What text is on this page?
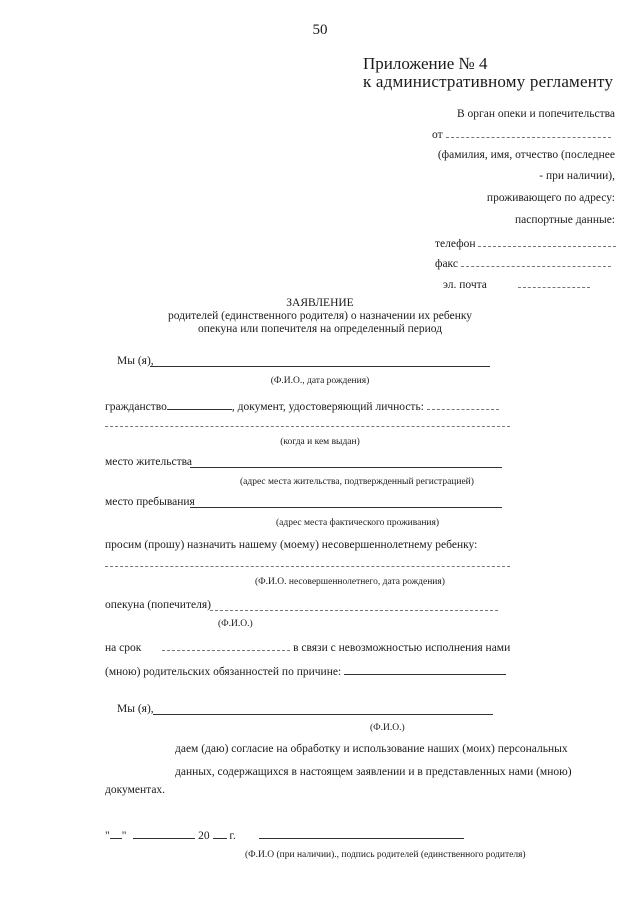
50
Приложение № 4
к административному регламенту
В орган опеки и попечительства
от
(фамилия, имя, отчество (последнее
- при наличии),
проживающего по адресу:
паспортные данные:
телефон
факс
эл. почта
ЗАЯВЛЕНИЕ
родителей (единственного родителя) о назначении их ребенку
опекуна или попечителя на определенный период
Мы (я),
(Ф.И.О., дата рождения)
гражданство	, документ, удостоверяющий личность:
(когда и кем выдан)
место жительства
(адрес места жительства, подтвержденный регистрацией)
место пребывания
(адрес места фактического проживания)
просим (прошу) назначить нашему (моему) несовершеннолетнему ребенку:
(Ф.И.О. несовершеннолетнего, дата рождения)
опекуна (попечителя)
(Ф.И.О.)
на срок	в связи с невозможностью исполнения нами
(мною) родительских обязанностей по причине:
Мы (я),
(Ф.И.О.)
даем (даю) согласие на обработку и использование наших (моих) персональных
данных, содержащихся в настоящем заявлении и в представленных нами (мною)
документах.
" "	20 г.
(Ф.И.О (при наличии)., подпись родителей (единственного родителя)
